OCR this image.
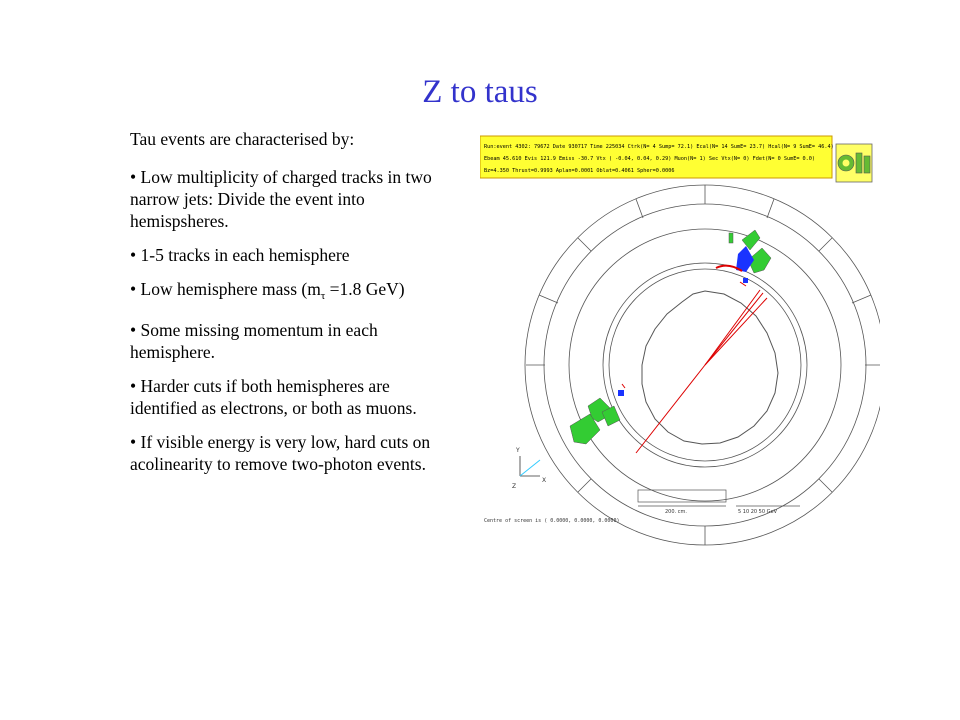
Z to taus
Tau events are characterised by:
• Low multiplicity of charged tracks in two narrow jets: Divide the event into hemispsheres.
• 1-5 tracks in each hemisphere
• Low hemisphere mass ($m_\tau =1.8$ GeV)
• Some missing momentum in each hemisphere.
• Harder cuts if both hemispheres are identified as electrons, or both as muons.
• If visible energy is very low, hard cuts on acolinearity to remove two-photon events.
Run:event 4302: 79672 Date 930717 Time 225034 Ctrk(N= 4 Sump= 72.1) Ecal(N= 14 SumE= 23.7) Hcal(N= 9 SumE= 46.4)
Ebeam 45.610 Evis 121.9 Emiss -30.7 Vtx ( -0.04, 0.04, 0.29) Muon(N= 1) Sec Vtx(N= 0) Fdet(N= 0 SumE= 0.0)
Bz=4.350 Thrust=0.9993 Aplan=0.0001 Oblat=0.4061 Spher=0.0006
Y
Z
X
200. cm.	5 10 20 50 GeV
Centre of screen is ( 0.0000, 0.0000, 0.0000)
